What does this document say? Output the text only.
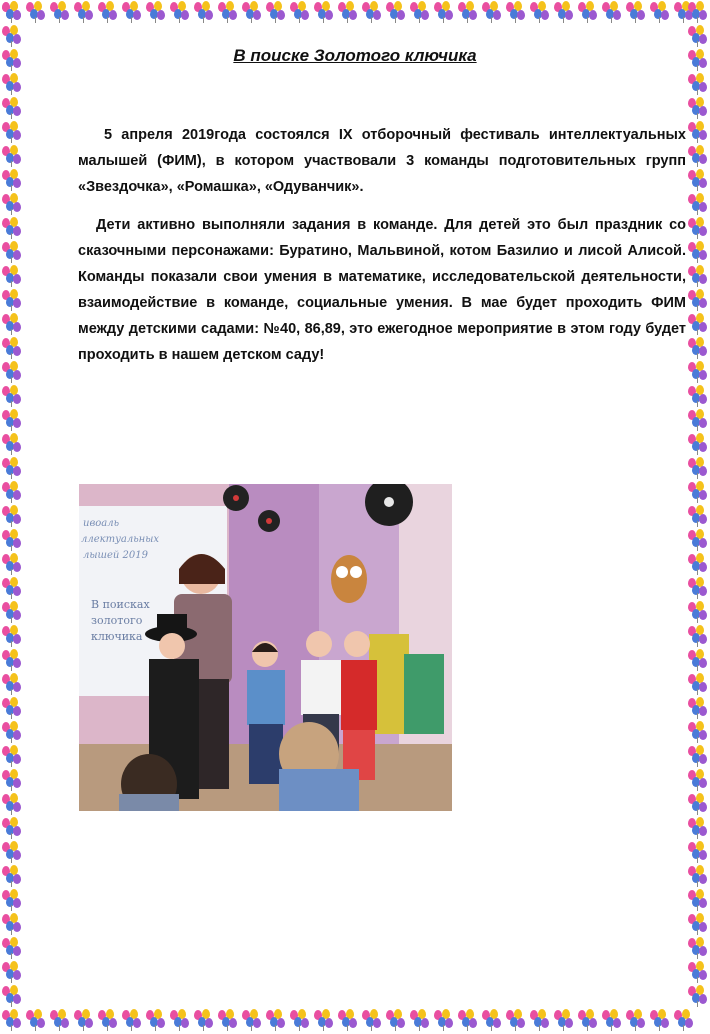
В поиске Золотого ключика

5 апреля 2019года состоялся IX отборочный фестиваль интеллектуальных малышей (ФИМ), в котором участвовали 3 команды подготовительных групп «Звездочка», «Ромашка», «Одуванчик».

Дети активно выполняли задания в команде. Для детей это был праздник со сказочными персонажами: Буратино, Мальвиной, котом Базилио и лисой Алисой. Команды показали свои умения в математике, исследовательской деятельности, взаимодействие в команде, социальные умения. В мае будет проходить ФИМ между детскими садами: №40, 86,89, это ежегодное мероприятие в этом году будет проходить в нашем детском саду!

ивоаль
ллектуальных
лышей 2019
В поисках
золотого
ключика
